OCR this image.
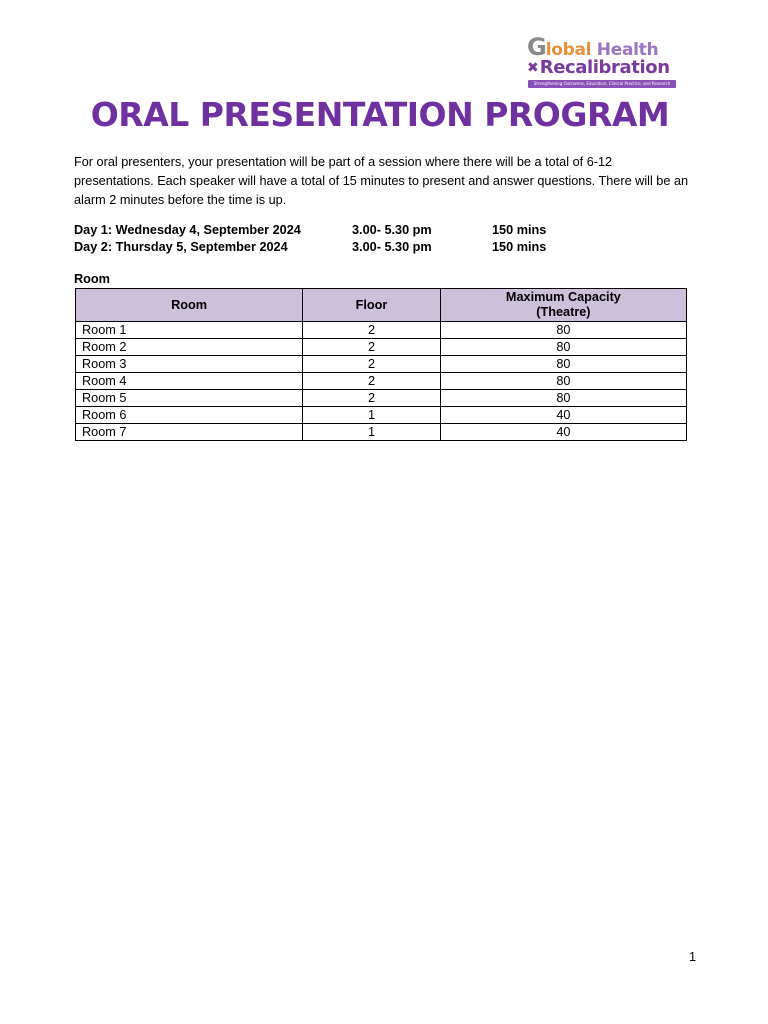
Global Health
✖Recalibration
Strengthening Outcomes, Education, Clinical Practice, and Research
ORAL PRESENTATION PROGRAM

For oral presenters, your presentation will be part of a session where there will be a total of 6-12 presentations. Each speaker will have a total of 15 minutes to present and answer questions. There will be an alarm 2 minutes before the time is up.

Day 1: Wednesday 4, September 2024	3.00- 5.30 pm	150 mins
Day 2: Thursday 5, September 2024	3.00- 5.30 pm	150 mins

Room

Room	Floor	Maximum Capacity
(Theatre)

Room 1	2	80
Room 2	2	80
Room 3	2	80
Room 4	2	80
Room 5	2	80
Room 6	1	40
Room 7	1	40
1
